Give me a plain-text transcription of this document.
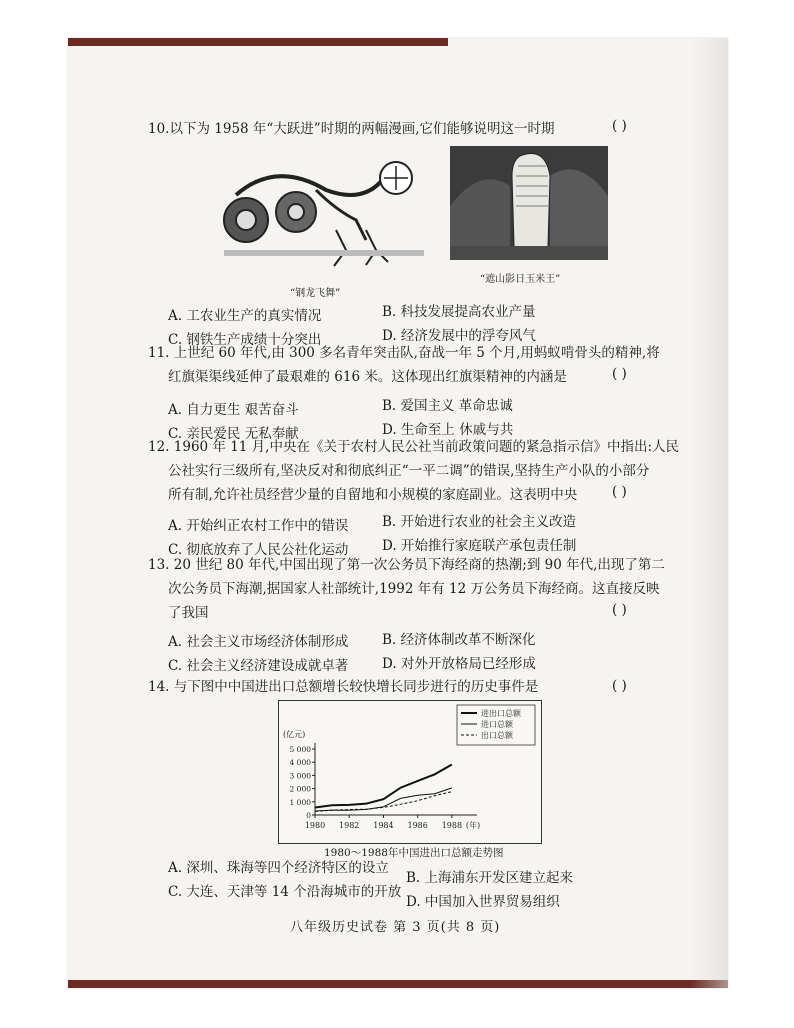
10.以下为 1958 年“大跃进”时期的两幅漫画,它们能够说明这一时期	( )
“钢龙飞舞”
“遮山影日玉米王”
A. 工农业生产的真实情况	B. 科技发展提高农业产量
C. 钢铁生产成绩十分突出	D. 经济发展中的浮夸风气
11. 上世纪 60 年代,由 300 多名青年突击队,奋战一年 5 个月,用蚂蚁啃骨头的精神,将
红旗渠渠线延伸了最艰难的 616 米。这体现出红旗渠精神的内涵是	( )
A. 自力更生 艰苦奋斗	B. 爱国主义 革命忠诚
C. 亲民爱民 无私奉献	D. 生命至上 休戚与共
12. 1960 年 11 月,中央在《关于农村人民公社当前政策问题的紧急指示信》中指出:人民
公社实行三级所有,坚决反对和彻底纠正“一平二调”的错误,坚持生产小队的小部分
所有制,允许社员经营少量的自留地和小规模的家庭副业。这表明中央	( )
A. 开始纠正农村工作中的错误 B. 开始进行农业的社会主义改造
C. 彻底放弃了人民公社化运动 D. 开始推行家庭联产承包责任制
13. 20 世纪 80 年代,中国出现了第一次公务员下海经商的热潮;到 90 年代,出现了第二
次公务员下海潮,据国家人社部统计,1992 年有 12 万公务员下海经商。这直接反映
了我国	( )
A. 社会主义市场经济体制形成 B. 经济体制改革不断深化
C. 社会主义经济建设成就卓著 D. 对外开放格局已经形成
14. 与下图中中国进出口总额增长较快增长同步进行的历史事件是	( )
(亿元)
5 000
4 000
3 000
2 000
1 000
0
1980 1982 1984 1986 1988 (年)
进出口总额
进口总额
出口总额
1980～1988年中国进出口总额走势图
A. 深圳、珠海等四个经济特区的设立
B. 上海浦东开发区建立起来
C. 大连、天津等 14 个沿海城市的开放
D. 中国加入世界贸易组织
八年级历史试卷 第 3 页(共 8 页)
